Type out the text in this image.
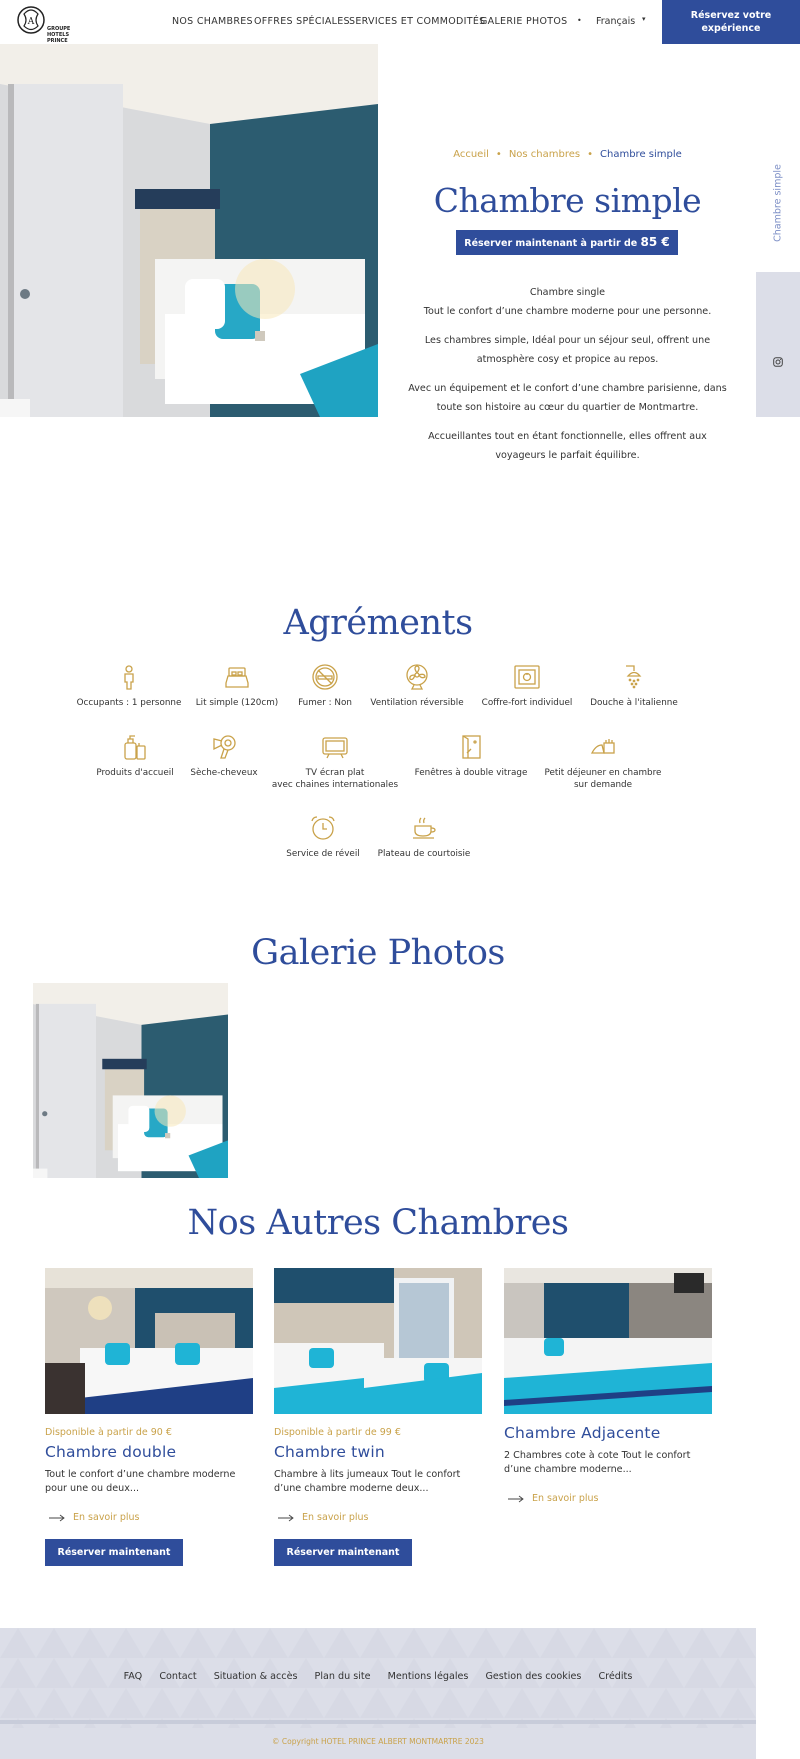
A
GROUPE HOTELS PRINCE
NOS CHAMBRES OFFRES SPÉCIALES SERVICES ET COMMODITÉS
GALERIE PHOTOS • Français ▾	Réservez votre expérience
Accueil • Nos chambres • Chambre simple
Chambre simple
Réserver maintenant à partir de 85 €

Chambre single
Tout le confort d’une chambre moderne pour une personne.

Les chambres simple, Idéal pour un séjour seul, offrent une atmosphère cosy et propice au repos.

Avec un équipement et le confort d’une chambre parisienne, dans toute son histoire au cœur du quartier de Montmartre.

Accueillantes tout en étant fonctionnelle, elles offrent aux voyageurs le parfait équilibre.

Chambre simple
Agréments
Occupants : 1 personne	Lit simple (120cm)	Fumer : Non	Ventilation réversible	Coffre-fort individuel	Douche à l'italienne
Produits d'accueil	Sèche-cheveux	TV écran plat
avec chaines internationales
Fenêtres à double vitrage	Petit déjeuner en chambre
sur demande
Service de réveil	Plateau de courtoisie
Galerie Photos
Nos Autres Chambres
Disponible à partir de 90 €
Chambre double
Tout le confort d’une chambre moderne pour une ou deux...
En savoir plus
Réserver maintenant
Disponible à partir de 99 €
Chambre twin
Chambre à lits jumeaux Tout le confort d’une chambre moderne deux...
En savoir plus
Réserver maintenant
Chambre Adjacente
2 Chambres cote à cote Tout le confort d’une chambre moderne...
En savoir plus
FAQ Contact Situation & accès Plan du site Mentions légales Gestion des cookies Crédits
© Copyright HOTEL PRINCE ALBERT MONTMARTRE 2023
